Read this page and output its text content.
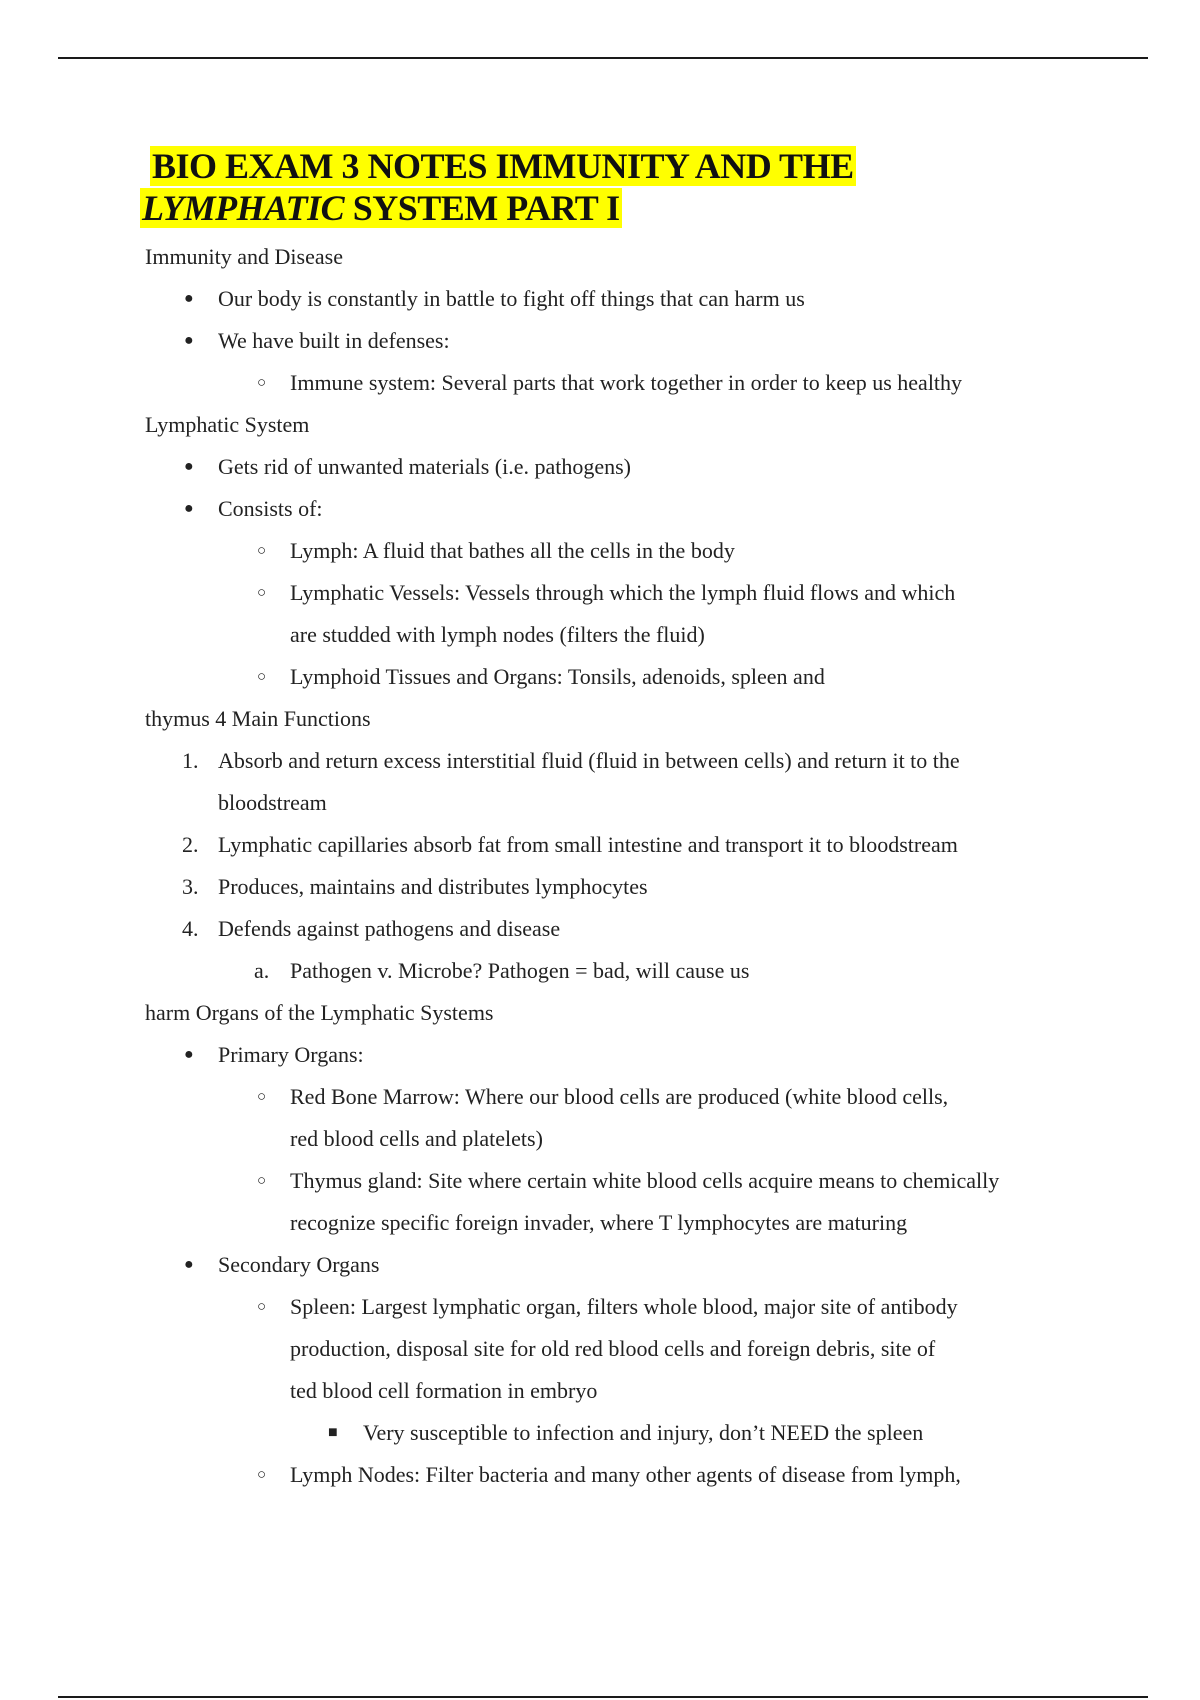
BIO EXAM 3 NOTES IMMUNITY AND THE
LYMPHATIC SYSTEM PART I
Immunity and Disease
● Our body is constantly in battle to fight off things that can harm us
● We have built in defenses:
○ Immune system: Several parts that work together in order to keep us healthy
Lymphatic System
● Gets rid of unwanted materials (i.e. pathogens)
● Consists of:
○ Lymph: A fluid that bathes all the cells in the body
○ Lymphatic Vessels: Vessels through which the lymph fluid flows and which
are studded with lymph nodes (filters the fluid)
○ Lymphoid Tissues and Organs: Tonsils, adenoids, spleen and
thymus 4 Main Functions
1. Absorb and return excess interstitial fluid (fluid in between cells) and return it to the
bloodstream
2. Lymphatic capillaries absorb fat from small intestine and transport it to bloodstream
3. Produces, maintains and distributes lymphocytes
4. Defends against pathogens and disease
a. Pathogen v. Microbe? Pathogen = bad, will cause us
harm Organs of the Lymphatic Systems
● Primary Organs:
○ Red Bone Marrow: Where our blood cells are produced (white blood cells,
red blood cells and platelets)
○ Thymus gland: Site where certain white blood cells acquire means to chemically
recognize specific foreign invader, where T lymphocytes are maturing
● Secondary Organs
○ Spleen: Largest lymphatic organ, filters whole blood, major site of antibody
production, disposal site for old red blood cells and foreign debris, site of
ted blood cell formation in embryo
■ Very susceptible to infection and injury, don’t NEED the spleen
○ Lymph Nodes: Filter bacteria and many other agents of disease from lymph,
